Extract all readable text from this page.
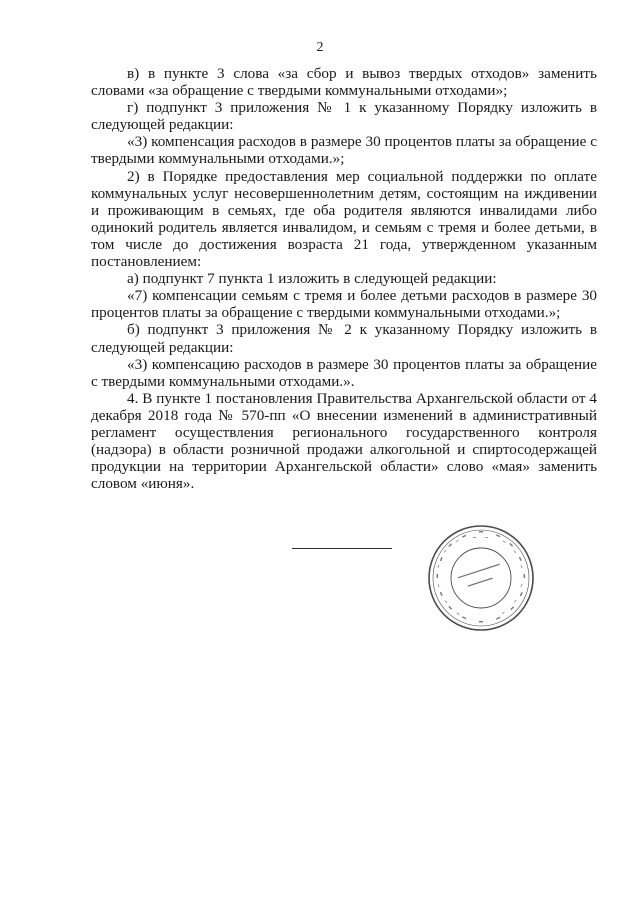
2

в) в пункте 3 слова «за сбор и вывоз твердых отходов» заменить словами «за обращение с твердыми коммунальными отходами»;

г) подпункт 3 приложения № 1 к указанному Порядку изложить в следующей редакции:

«3) компенсация расходов в размере 30 процентов платы за обращение с твердыми коммунальными отходами.»;

2) в Порядке предоставления мер социальной поддержки по оплате коммунальных услуг несовершеннолетним детям, состоящим на иждивении и проживающим в семьях, где оба родителя являются инвалидами либо одинокий родитель является инвалидом, и семьям с тремя и более детьми, в том числе до достижения возраста 21 года, утвержденном указанным постановлением:

а) подпункт 7 пункта 1 изложить в следующей редакции:

«7) компенсации семьям с тремя и более детьми расходов в размере 30 процентов платы за обращение с твердыми коммунальными отходами.»;

б) подпункт 3 приложения № 2 к указанному Порядку изложить в следующей редакции:

«3) компенсацию расходов в размере 30 процентов платы за обращение с твердыми коммунальными отходами.».

4. В пункте 1 постановления Правительства Архангельской области от 4 декабря 2018 года № 570-пп «О внесении изменений в административный регламент осуществления регионального государственного контроля (надзора) в области розничной продажи алкогольной и спиртосодержащей продукции на территории Архангельской области» слово «мая» заменить словом «июня».
